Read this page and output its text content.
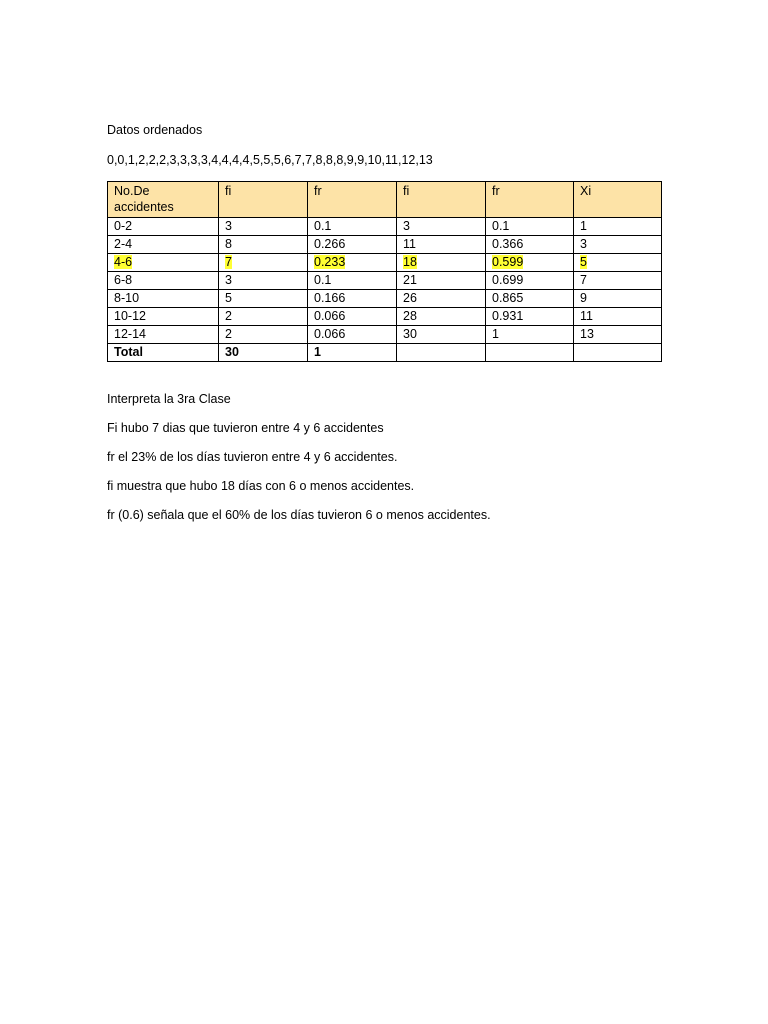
Datos ordenados
0,0,1,2,2,2,3,3,3,3,4,4,4,4,5,5,5,6,7,7,8,8,8,9,9,10,11,12,13
No.De accidentes	fi	fr	fi	fr	Xi
0-2	3	0.1	3	0.1	1
2-4	8	0.266	11	0.366	3
4-6	7	0.233	18	0.599	5
6-8	3	0.1	21	0.699	7
8-10	5	0.166	26	0.865	9
10-12	2	0.066	28	0.931	11
12-14	2	0.066	30	1	13
Total	30	1			
Interpreta la 3ra Clase
Fi hubo 7 dias que tuvieron entre 4 y 6 accidentes
fr el 23% de los días tuvieron entre 4 y 6 accidentes.
fi muestra que hubo 18 días con 6 o menos accidentes.
fr (0.6) señala que el 60% de los días tuvieron 6 o menos accidentes.
